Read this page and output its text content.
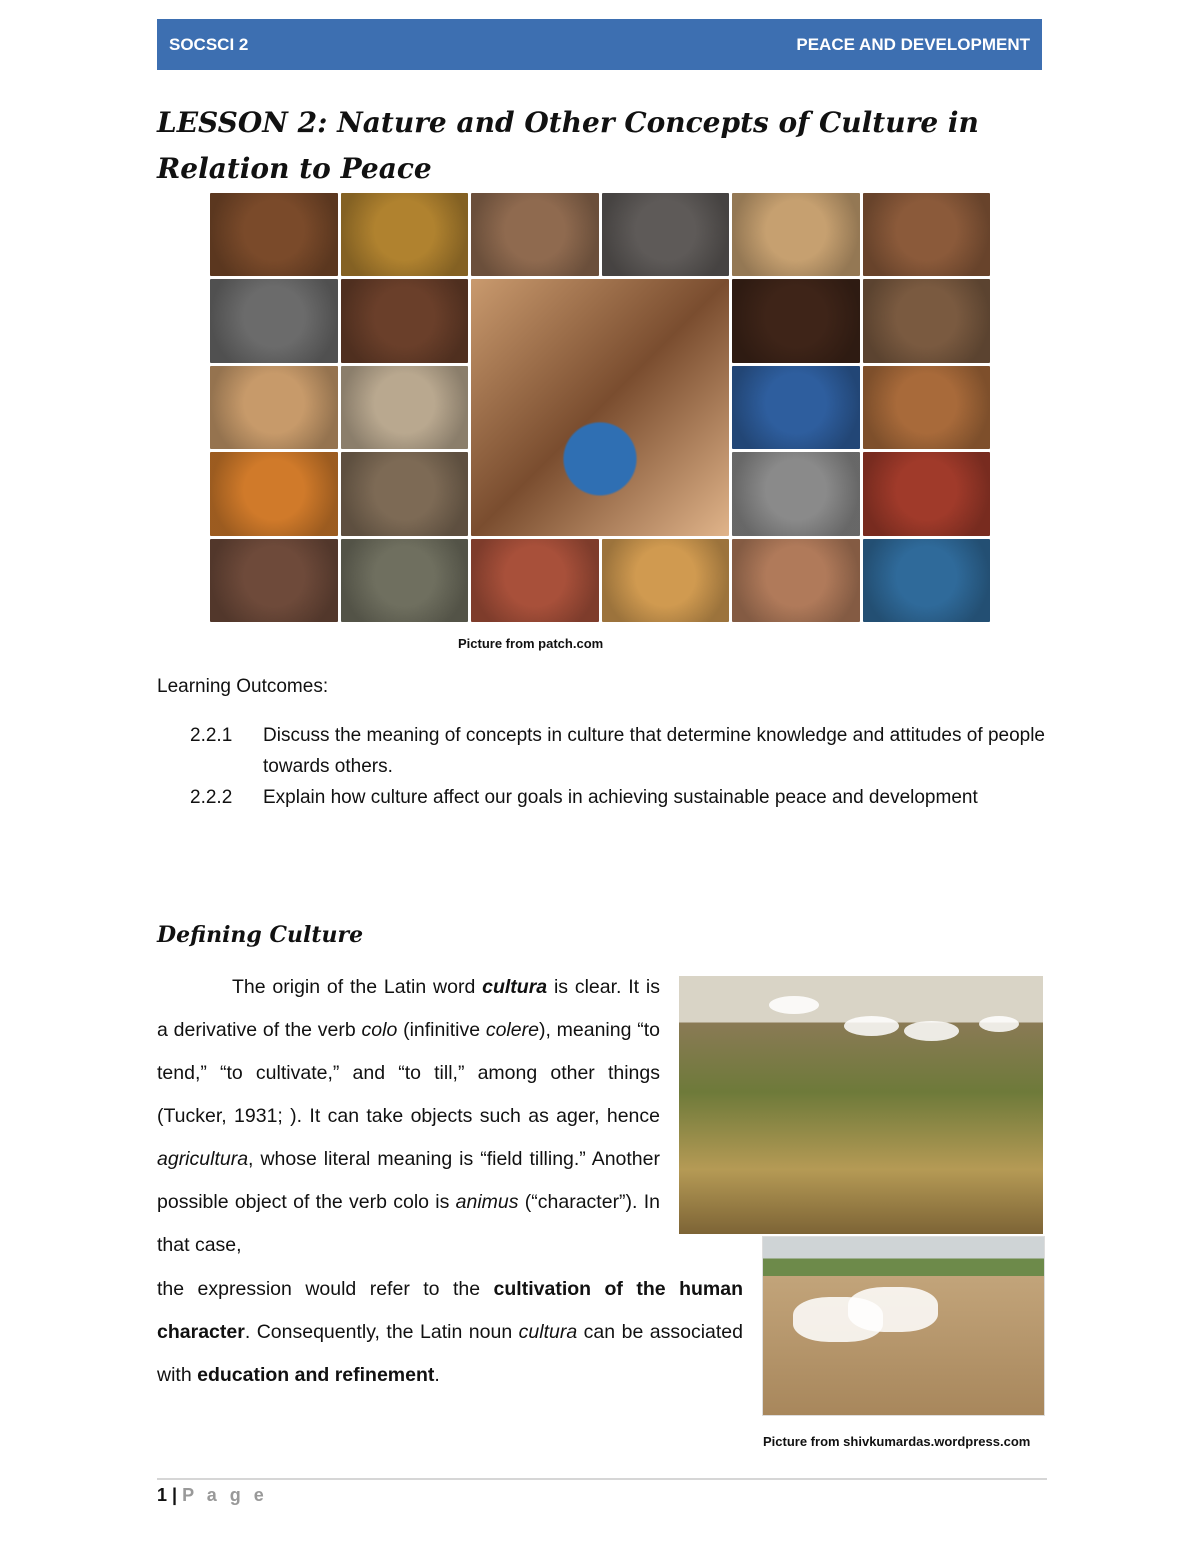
SOCSCI 2	PEACE AND DEVELOPMENT
LESSON 2: Nature and Other Concepts of Culture in Relation to Peace

Picture from patch.com

Learning Outcomes:

2.2.1	Discuss the meaning of concepts in culture that determine knowledge and attitudes of people towards others.
2.2.2	Explain how culture affect our goals in achieving sustainable peace and development
Defining Culture

The origin of the Latin word cultura is clear. It is a derivative of the verb colo (infinitive colere), meaning “to tend,” “to cultivate,” and “to till,” among other things (Tucker, 1931; ). It can take objects such as ager, hence agricultura, whose literal meaning is “field tilling.” Another possible object of the verb colo is animus (“character”). In that case,

the expression would refer to the cultivation of the human character. Consequently, the Latin noun cultura can be associated with education and refinement.

Picture from shivkumardas.wordpress.com

1 | P a g e
